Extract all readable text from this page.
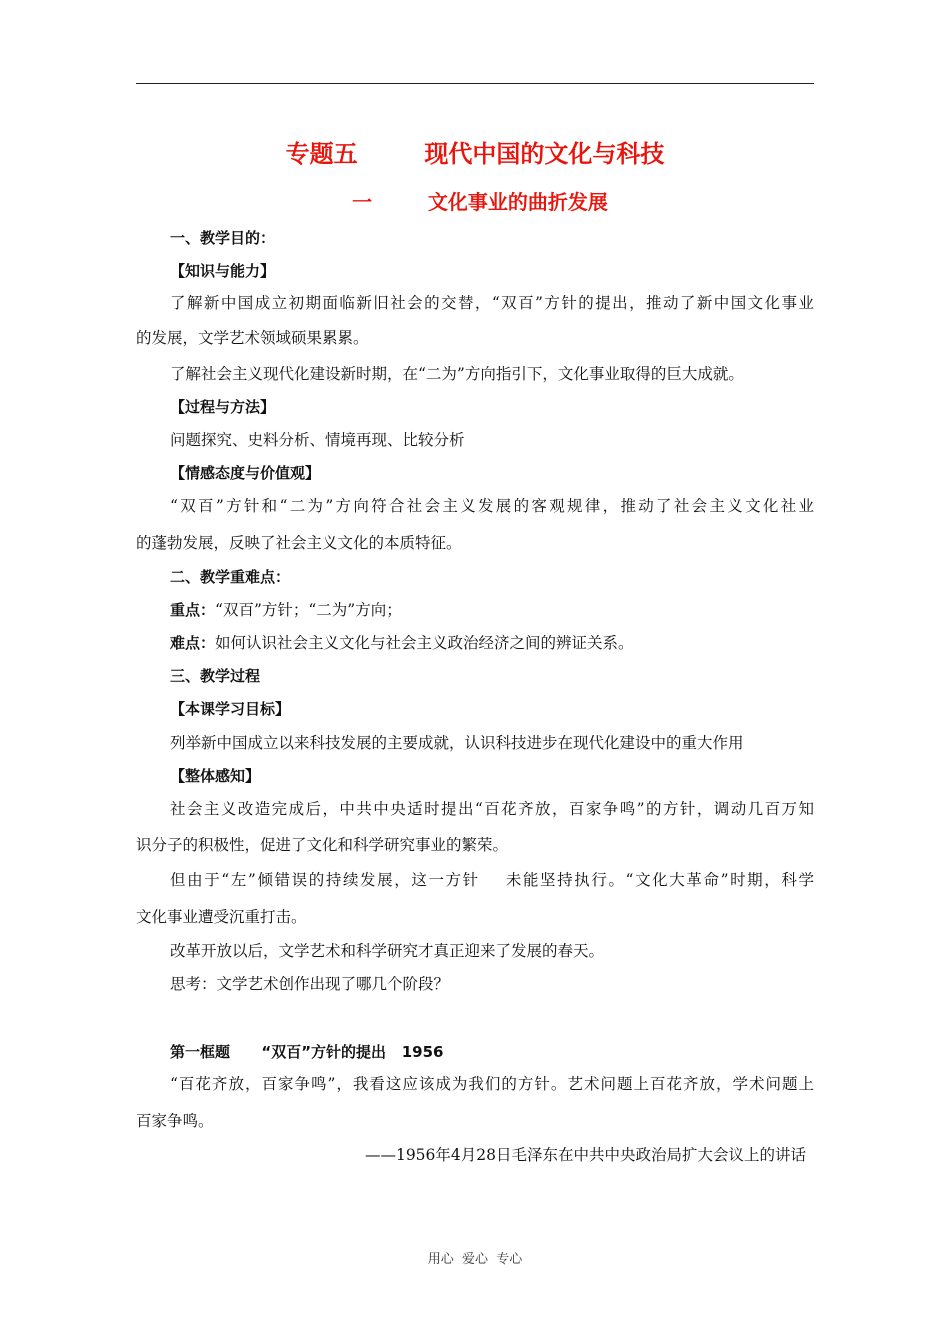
专题五        现代中国的文化与科技
一        文化事业的曲折发展
一、教学目的：
【知识与能力】
了解新中国成立初期面临新旧社会的交替，“双百”方针的提出，推动了新中国文化事业
的发展，文学艺术领域硕果累累。
了解社会主义现代化建设新时期，在“二为”方向指引下，文化事业取得的巨大成就。
【过程与方法】
问题探究、史料分析、情境再现、比较分析
【情感态度与价值观】
“双百”方针和“二为”方向符合社会主义发展的客观规律，推动了社会主义文化社业
的蓬勃发展，反映了社会主义文化的本质特征。
二、教学重难点：
重点：“双百”方针；“二为”方向；
难点：如何认识社会主义文化与社会主义政治经济之间的辨证关系。
三、教学过程
【本课学习目标】
列举新中国成立以来科技发展的主要成就，认识科技进步在现代化建设中的重大作用
【整体感知】
社会主义改造完成后，中共中央适时提出“百花齐放，百家争鸣”的方针，调动几百万知
识分子的积极性，促进了文化和科学研究事业的繁荣。
但由于“左”倾错误的持续发展，这一方针    未能坚持执行。“文化大革命”时期，科学
文化事业遭受沉重打击。
改革开放以后，文学艺术和科学研究才真正迎来了发展的春天。
思考：文学艺术创作出现了哪几个阶段？
第一框题      “双百”方针的提出   1956
“百花齐放，百家争鸣”，我看这应该成为我们的方针。艺术问题上百花齐放，学术问题上
百家争鸣。
——1956年4月28日毛泽东在中共中央政治局扩大会议上的讲话
用心  爱心  专心
